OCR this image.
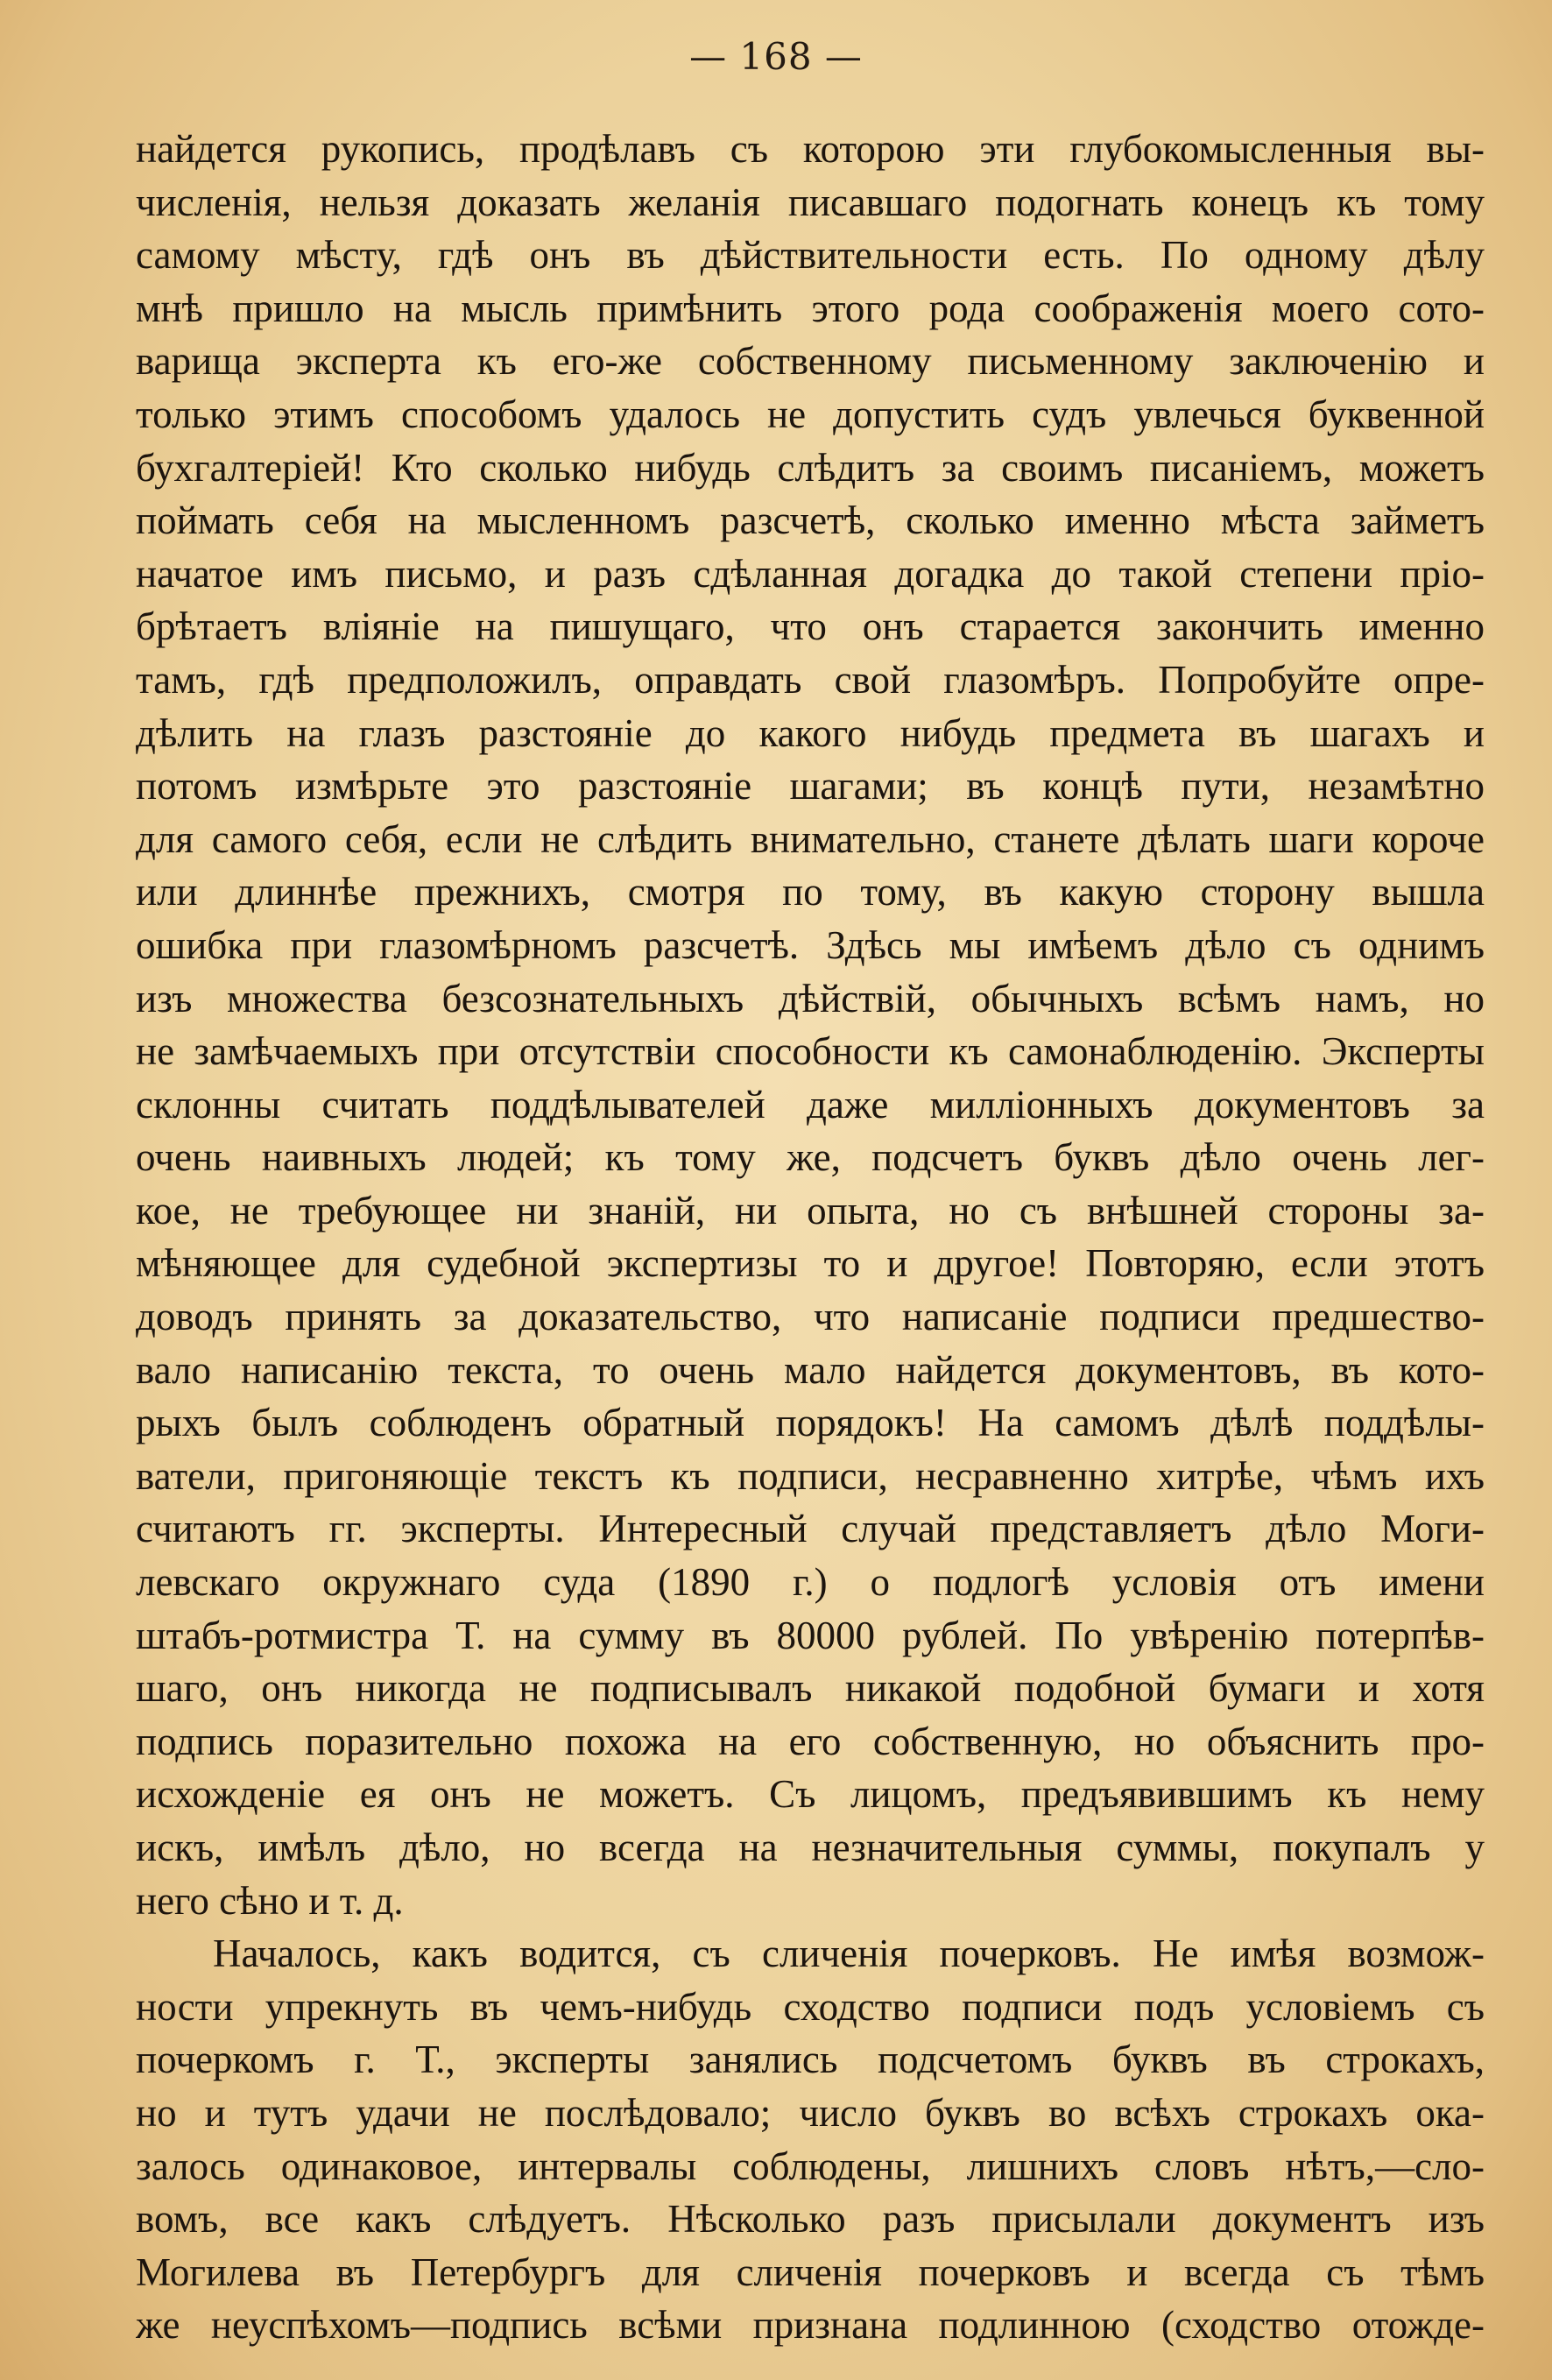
— 168 —
найдется рукопись, продѣлавъ съ которою эти глубокомысленныя вы-
численія, нельзя доказать желанія писавшаго подогнать конецъ къ тому
самому мѣсту, гдѣ онъ въ дѣйствительности есть. По одному дѣлу
мнѣ пришло на мысль примѣнить этого рода соображенія моего сото-
варища эксперта къ его-же собственному письменному заключенію и
только этимъ способомъ удалось не допустить судъ увлечься буквенной
бухгалтеріей! Кто сколько нибудь слѣдитъ за своимъ писаніемъ, можетъ
поймать себя на мысленномъ разсчетѣ, сколько именно мѣста займетъ
начатое имъ письмо, и разъ сдѣланная догадка до такой степени пріо-
брѣтаетъ вліяніе на пишущаго, что онъ старается закончить именно
тамъ, гдѣ предположилъ, оправдать свой глазомѣръ. Попробуйте опре-
дѣлить на глазъ разстояніе до какого нибудь предмета въ шагахъ и
потомъ измѣрьте это разстояніе шагами; въ концѣ пути, незамѣтно
для самого себя, если не слѣдить внимательно, станете дѣлать шаги короче
или длиннѣе прежнихъ, смотря по тому, въ какую сторону вышла
ошибка при глазомѣрномъ разсчетѣ. Здѣсь мы имѣемъ дѣло съ однимъ
изъ множества безсознательныхъ дѣйствій, обычныхъ всѣмъ намъ, но
не замѣчаемыхъ при отсутствіи способности къ самонаблюденію. Эксперты
склонны считать поддѣлывателей даже милліонныхъ документовъ за
очень наивныхъ людей; къ тому же, подсчетъ буквъ дѣло очень лег-
кое, не требующее ни знаній, ни опыта, но съ внѣшней стороны за-
мѣняющее для судебной экспертизы то и другое! Повторяю, если этотъ
доводъ принять за доказательство, что написаніе подписи предшество-
вало написанію текста, то очень мало найдется документовъ, въ кото-
рыхъ былъ соблюденъ обратный порядокъ! На самомъ дѣлѣ поддѣлы-
ватели, пригоняющіе текстъ къ подписи, несравненно хитрѣе, чѣмъ ихъ
считаютъ гг. эксперты. Интересный случай представляетъ дѣло Моги-
левскаго окружнаго суда (1890 г.) о подлогѣ условія отъ имени
штабъ-ротмистра Т. на сумму въ 80000 рублей. По увѣренію потерпѣв-
шаго, онъ никогда не подписывалъ никакой подобной бумаги и хотя
подпись поразительно похожа на его собственную, но объяснить про-
исхожденіе ея онъ не можетъ. Съ лицомъ, предъявившимъ къ нему
искъ, имѣлъ дѣло, но всегда на незначительныя суммы, покупалъ у
него сѣно и т. д.
Началось, какъ водится, съ сличенія почерковъ. Не имѣя возмож-
ности упрекнуть въ чемъ-нибудь сходство подписи подъ условіемъ съ
почеркомъ г. Т., эксперты занялись подсчетомъ буквъ въ строкахъ,
но и тутъ удачи не послѣдовало; число буквъ во всѣхъ строкахъ ока-
залось одинаковое, интервалы соблюдены, лишнихъ словъ нѣтъ,—сло-
вомъ, все какъ слѣдуетъ. Нѣсколько разъ присылали документъ изъ
Могилева въ Петербургъ для сличенія почерковъ и всегда съ тѣмъ
же неуспѣхомъ—подпись всѣми признана подлинною (сходство отожде-
